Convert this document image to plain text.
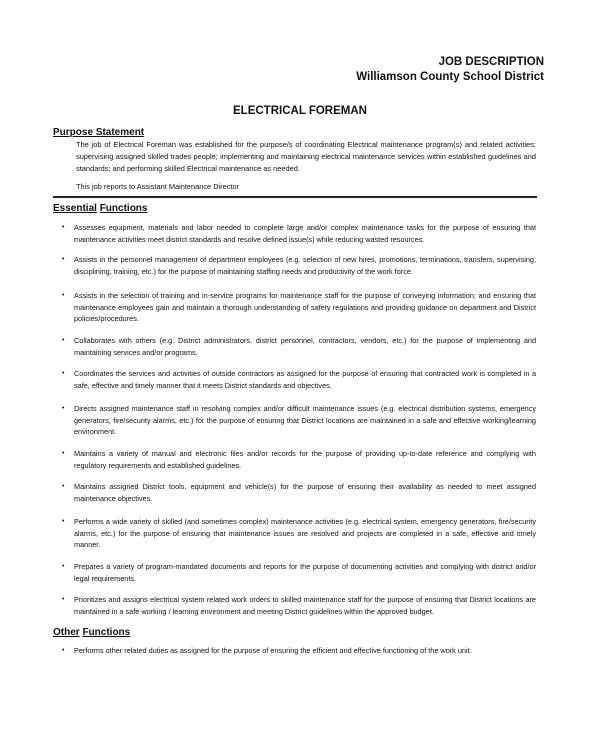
JOB DESCRIPTION
Williamson County School District
ELECTRICAL FOREMAN
Purpose Statement
The job of Electrical Foreman was established for the purpose/s of coordinating Electrical maintenance program(s) and related activities; supervising assigned skilled trades people; implementing and maintaining electrical maintenance services within established guidelines and standards; and performing skilled Electrical maintenance as needed.
This job reports to Assistant Maintenance Director
Essential Functions
•	Assesses equipment, materials and labor needed to complete large and/or complex maintenance tasks for the purpose of ensuring that maintenance activities meet district standards and resolve defined issue(s) while reducing wasted resources.
•	Assists in the personnel management of department employees (e.g. selection of new hires, promotions, terminations, transfers, supervising, disciplining, training, etc.) for the purpose of maintaining staffing needs and productivity of the work force.
•	Assists in the selection of training and in-service programs for maintenance staff for the purpose of conveying information; and ensuring that maintenance employees gain and maintain a thorough understanding of safety regulations and providing guidance on department and District policies/procedures.
•	Collaborates with others (e.g. District administrators, district personnel, contractors, vendors, etc.) for the purpose of implementing and maintaining services and/or programs.
•	Coordinates the services and activities of outside contractors as assigned for the purpose of ensuring that contracted work is completed in a safe, effective and timely manner that it meets District standards and objectives.
•	Directs assigned maintenance staff in resolving complex and/or difficult maintenance issues (e.g. electrical distribution systems, emergency generators, fire/security alarms, etc.) for the purpose of ensuring that District locations are maintained in a safe and effective working/learning environment.
•	Maintains a variety of manual and electronic files and/or records for the purpose of providing up-to-date reference and complying with regulatory requirements and established guidelines.
•	Maintains assigned District tools, equipment and vehicle(s) for the purpose of ensuring their availability as needed to meet assigned maintenance objectives.
•	Performs a wide variety of skilled (and sometimes complex) maintenance activities (e.g. electrical system, emergency generators, fire/security alarms, etc.) for the purpose of ensuring that maintenance issues are resolved and projects are completed in a safe, effective and timely manner.
•	Prepares a variety of program-mandated documents and reports for the purpose of documenting activities and complying with district and/or legal requirements.
•	Prioritizes and assigns electrical system related work orders to skilled maintenance staff for the purpose of ensuring that District locations are maintained in a safe working / learning environment and meeting District guidelines within the approved budget.
Other Functions
•	Performs other related duties as assigned for the purpose of ensuring the efficient and effective functioning of the work unit.
